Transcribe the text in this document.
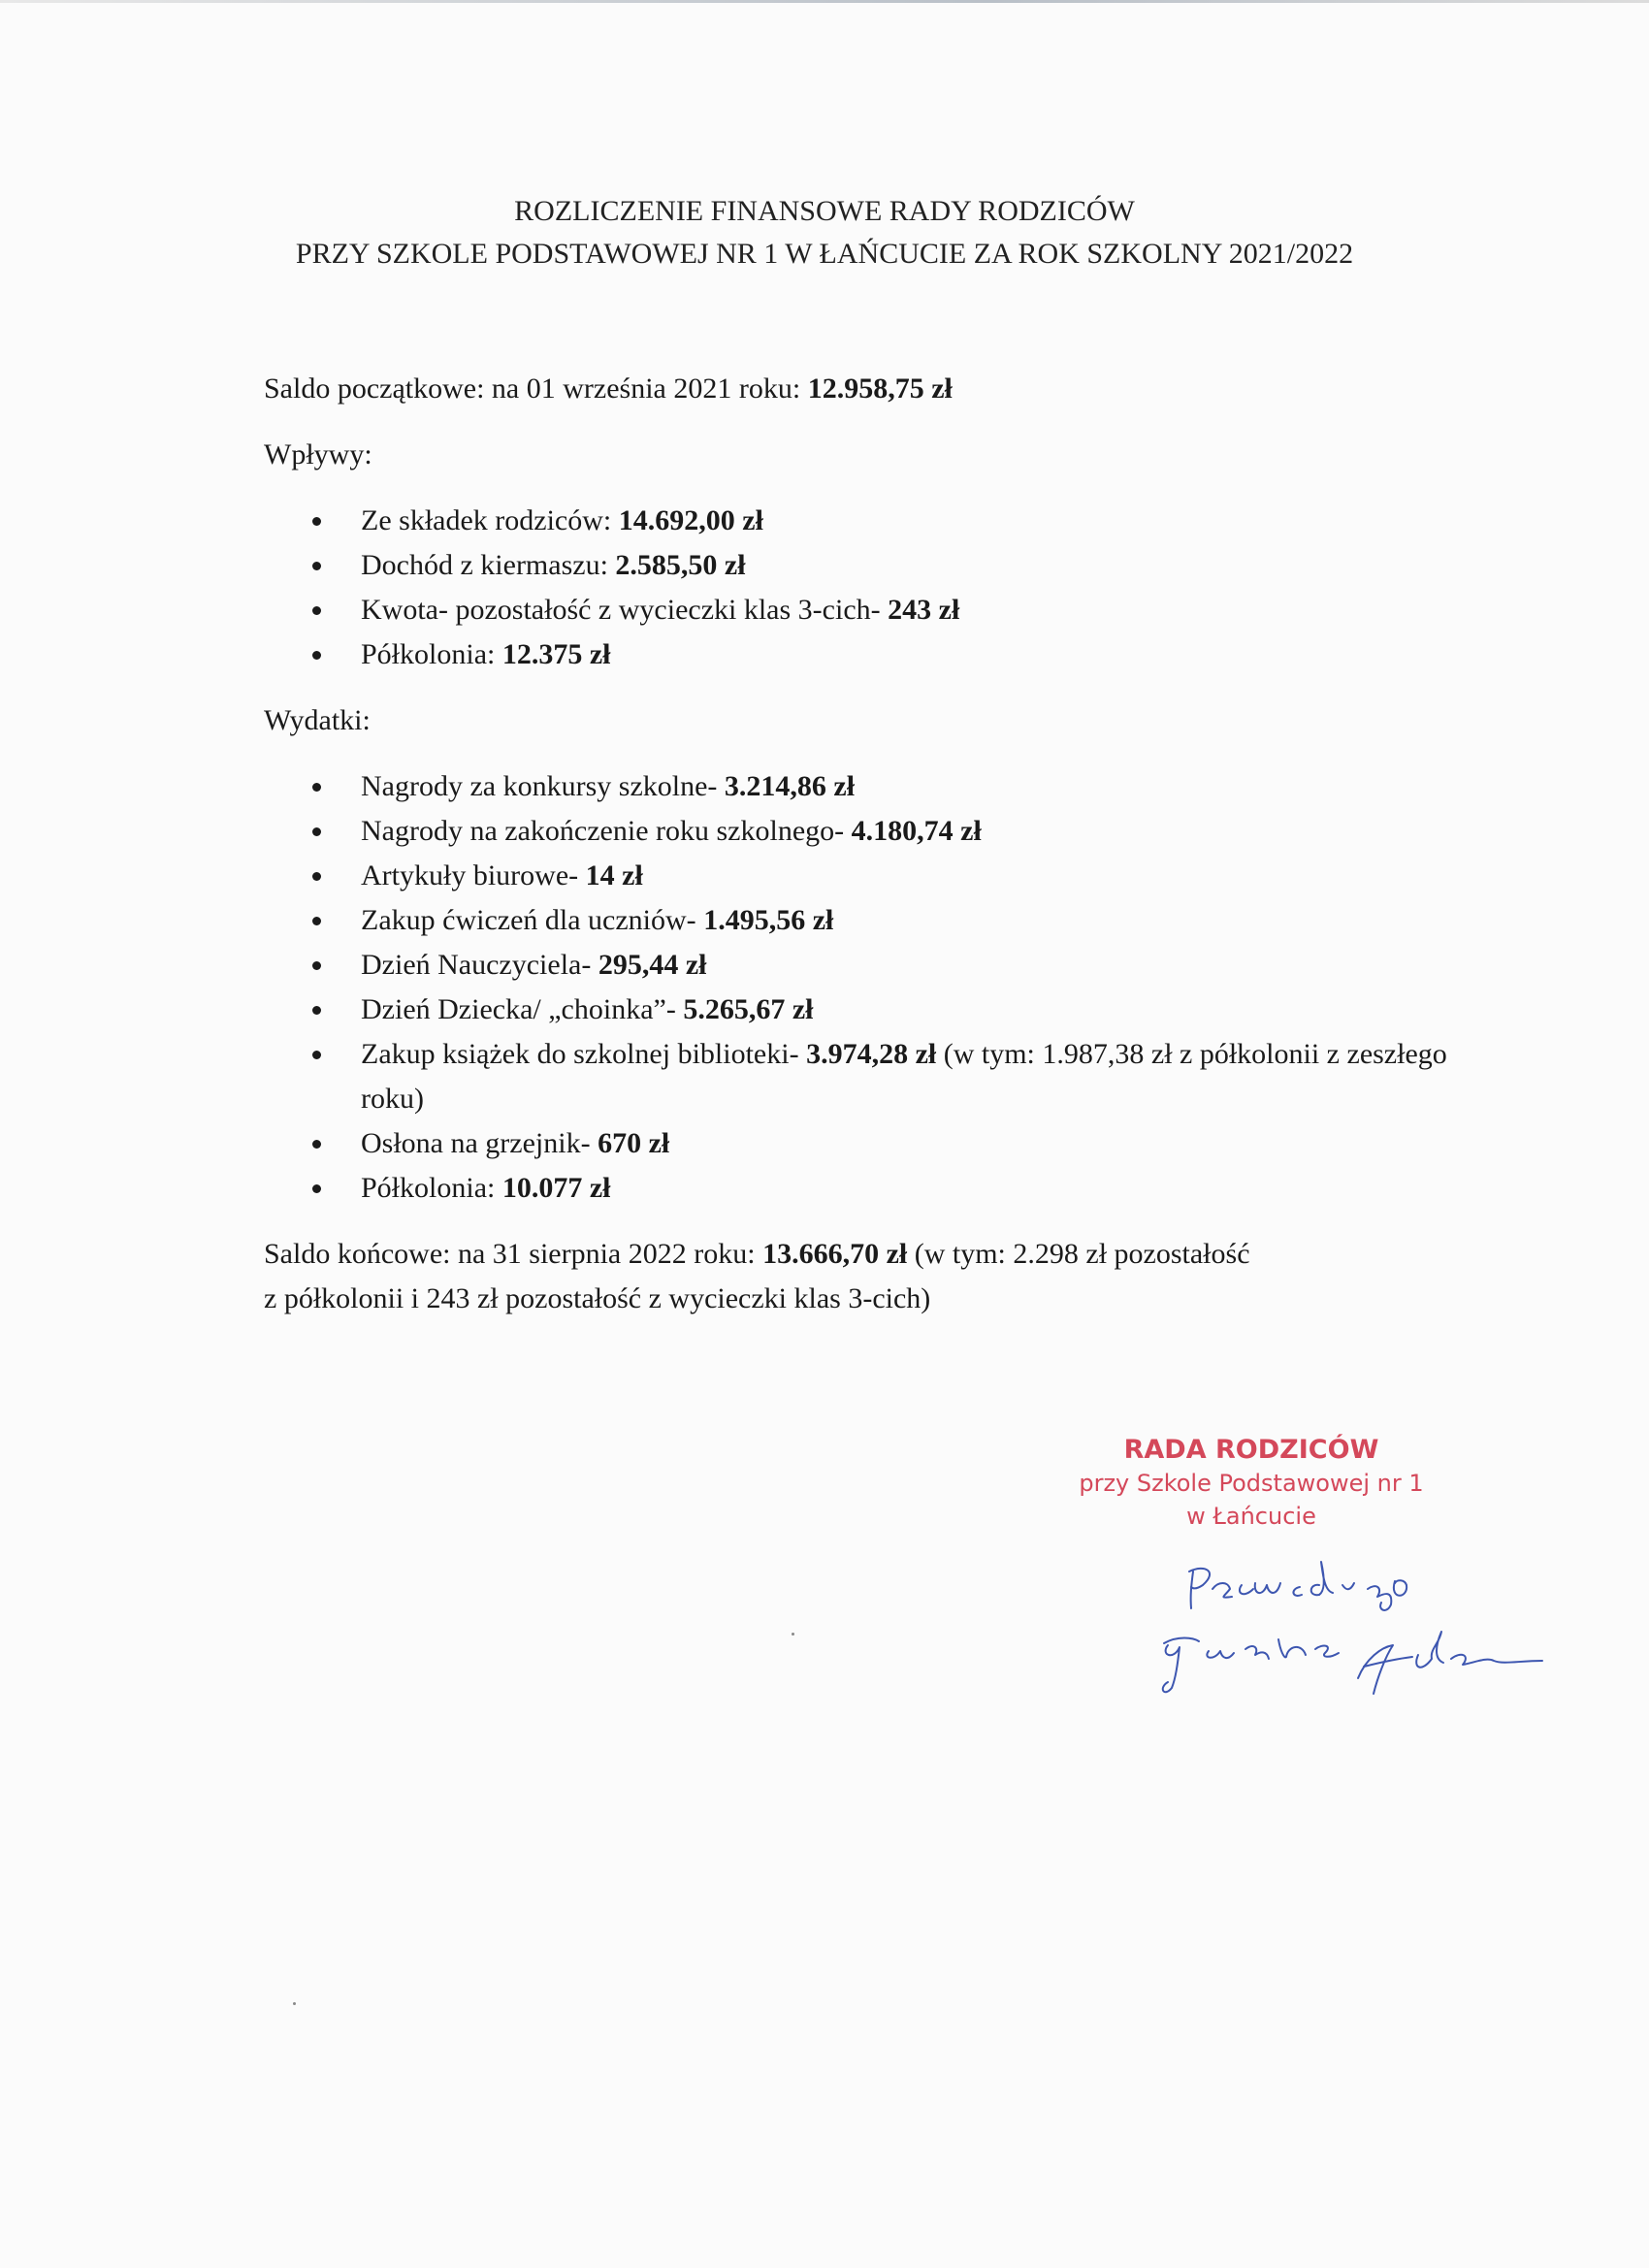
ROZLICZENIE FINANSOWE RADY RODZICÓW
PRZY SZKOLE PODSTAWOWEJ NR 1 W ŁAŃCUCIE ZA ROK SZKOLNY 2021/2022

Saldo początkowe: na 01 września 2021 roku: 12.958,75 zł

Wpływy:

Ze składek rodziców: 14.692,00 zł
Dochód z kiermaszu: 2.585,50 zł
Kwota- pozostałość z wycieczki klas 3-cich- 243 zł
Półkolonia: 12.375 zł

Wydatki:

Nagrody za konkursy szkolne- 3.214,86 zł
Nagrody na zakończenie roku szkolnego- 4.180,74 zł
Artykuły biurowe- 14 zł
Zakup ćwiczeń dla uczniów- 1.495,56 zł
Dzień Nauczyciela- 295,44 zł
Dzień Dziecka/ „choinka”- 5.265,67 zł
Zakup książek do szkolnej biblioteki- 3.974,28 zł (w tym: 1.987,38 zł z półkolonii z zeszłego roku)
Osłona na grzejnik- 670 zł
Półkolonia: 10.077 zł

Saldo końcowe: na 31 sierpnia 2022 roku: 13.666,70 zł (w tym: 2.298 zł pozostałość
z półkolonii i 243 zł pozostałość z wycieczki klas 3-cich)

RADA RODZICÓW
przy Szkole Podstawowej nr 1
w Łańcucie
